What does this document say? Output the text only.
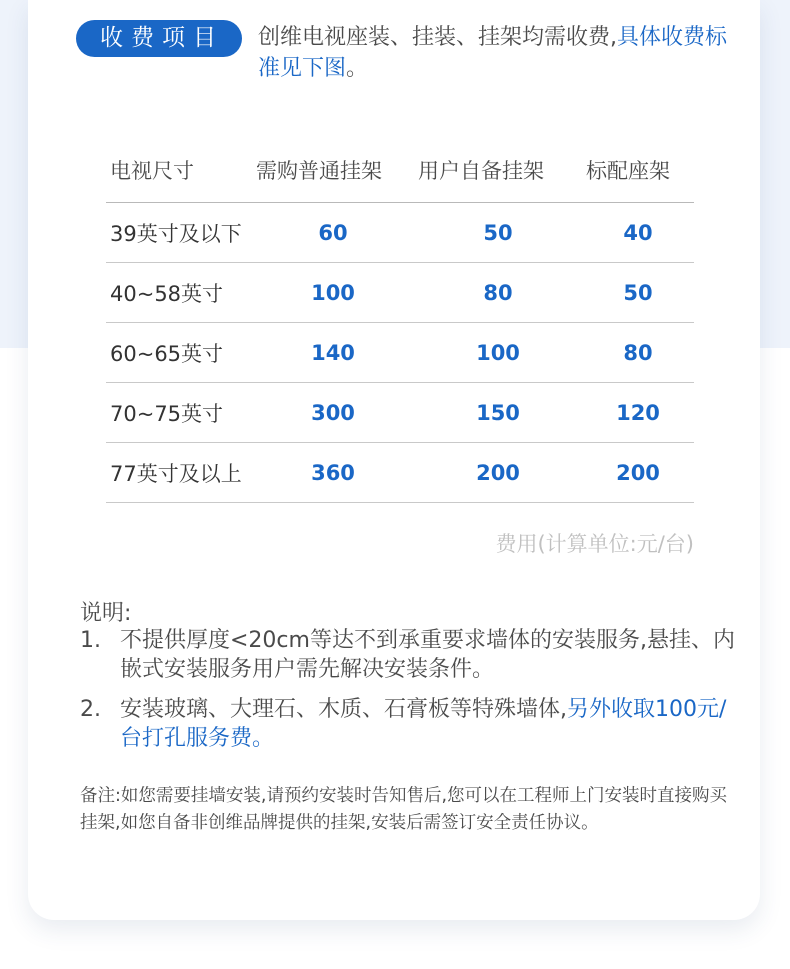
收费项目	创维电视座装、挂装、挂架均需收费,具体收费标准见下图。
电视尺寸	需购普通挂架	用户自备挂架	标配座架
39英寸及以下	60	50	40
40~58英寸	100	80	50
60~65英寸	140	100	80
70~75英寸	300	150	120
77英寸及以上	360	200	200
费用(计算单位:元/台)
说明:
1. 不提供厚度<20cm等达不到承重要求墙体的安装服务,悬挂、内嵌式安装服务用户需先解决安装条件。
2. 安装玻璃、大理石、木质、石膏板等特殊墙体,另外收取100元/台打孔服务费。
备注:如您需要挂墙安装,请预约安装时告知售后,您可以在工程师上门安装时直接购买挂架,如您自备非创维品牌提供的挂架,安装后需签订安全责任协议。
